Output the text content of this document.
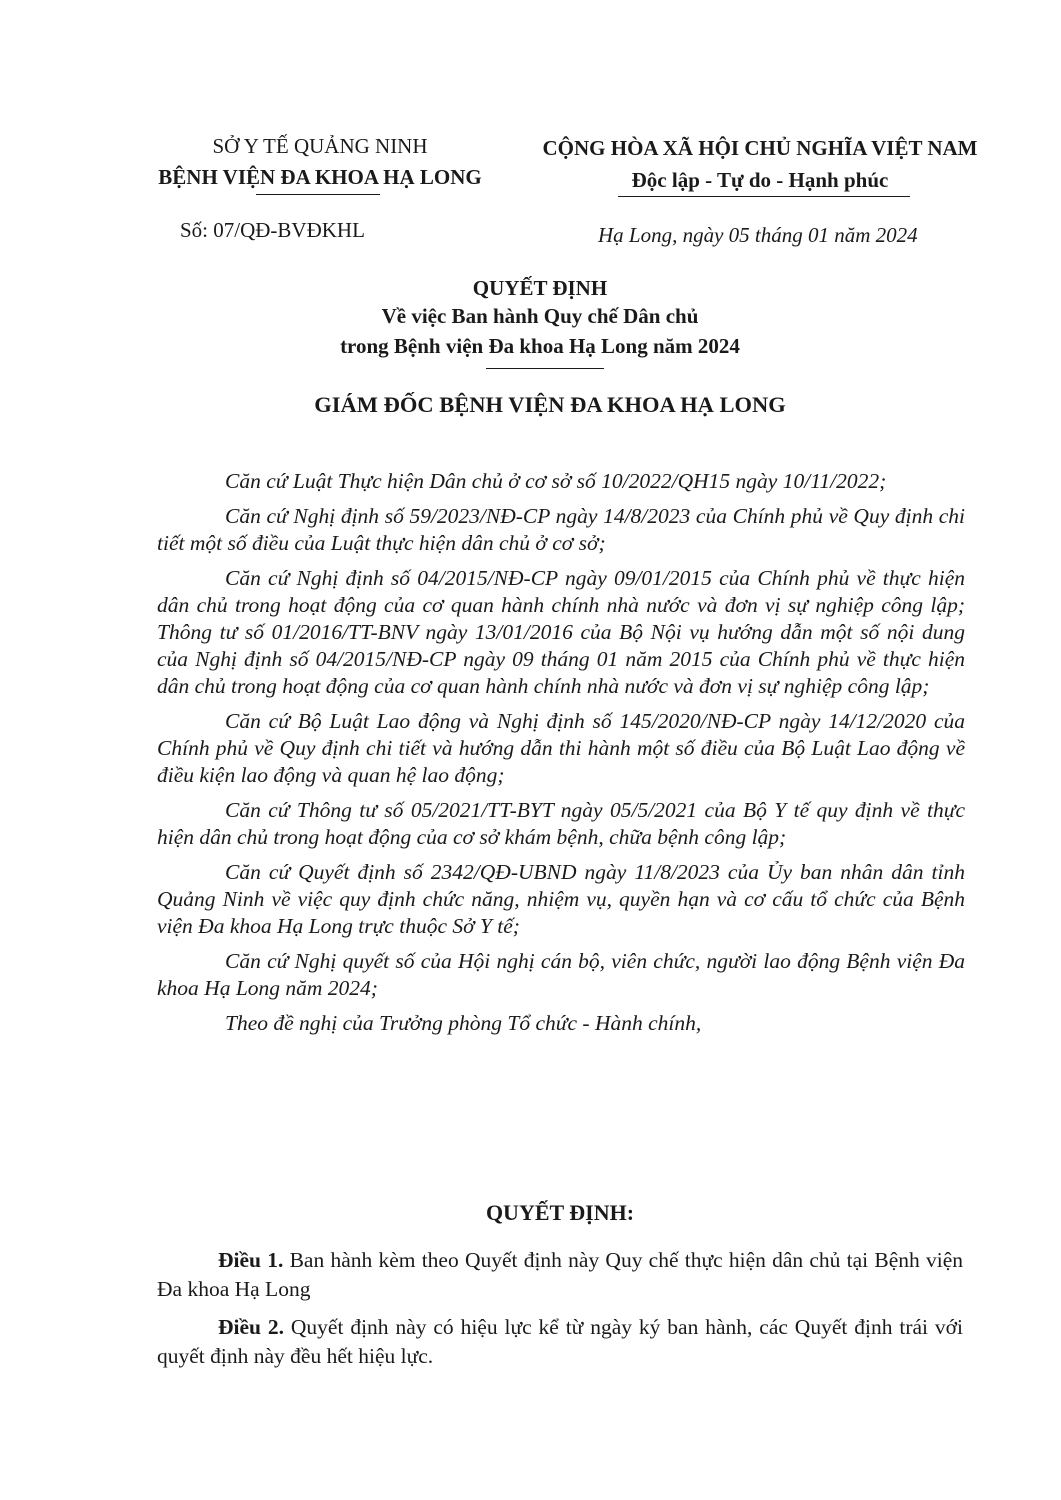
SỞ Y TẾ QUẢNG NINH
BỆNH VIỆN ĐA KHOA HẠ LONG
CỘNG HÒA XÃ HỘI CHỦ NGHĨA VIỆT NAM
Độc lập - Tự do - Hạnh phúc
Số: 07/QĐ-BVĐKHL	Hạ Long, ngày 05 tháng 01 năm 2024
QUYẾT ĐỊNH
Về việc Ban hành Quy chế Dân chủ
trong Bệnh viện Đa khoa Hạ Long năm 2024
GIÁM ĐỐC BỆNH VIỆN ĐA KHOA HẠ LONG

Căn cứ Luật Thực hiện Dân chủ ở cơ sở số 10/2022/QH15 ngày 10/11/2022;

Căn cứ Nghị định số 59/2023/NĐ-CP ngày 14/8/2023 của Chính phủ về Quy định chi tiết một số điều của Luật thực hiện dân chủ ở cơ sở;

Căn cứ Nghị định số 04/2015/NĐ-CP ngày 09/01/2015 của Chính phủ về thực hiện dân chủ trong hoạt động của cơ quan hành chính nhà nước và đơn vị sự nghiệp công lập; Thông tư số 01/2016/TT-BNV ngày 13/01/2016 của Bộ Nội vụ hướng dẫn một số nội dung của Nghị định số 04/2015/NĐ-CP ngày 09 tháng 01 năm 2015 của Chính phủ về thực hiện dân chủ trong hoạt động của cơ quan hành chính nhà nước và đơn vị sự nghiệp công lập;

Căn cứ Bộ Luật Lao động và Nghị định số 145/2020/NĐ-CP ngày 14/12/2020 của Chính phủ về Quy định chi tiết và hướng dẫn thi hành một số điều của Bộ Luật Lao động về điều kiện lao động và quan hệ lao động;

Căn cứ Thông tư số 05/2021/TT-BYT ngày 05/5/2021 của Bộ Y tế quy định về thực hiện dân chủ trong hoạt động của cơ sở khám bệnh, chữa bệnh công lập;

Căn cứ Quyết định số 2342/QĐ-UBND ngày 11/8/2023 của Ủy ban nhân dân tỉnh Quảng Ninh về việc quy định chức năng, nhiệm vụ, quyền hạn và cơ cấu tổ chức của Bệnh viện Đa khoa Hạ Long trực thuộc Sở Y tế;

Căn cứ Nghị quyết số của Hội nghị cán bộ, viên chức, người lao động Bệnh viện Đa khoa Hạ Long năm 2024;

Theo đề nghị của Trưởng phòng Tổ chức - Hành chính,

QUYẾT ĐỊNH:

Điều 1. Ban hành kèm theo Quyết định này Quy chế thực hiện dân chủ tại Bệnh viện Đa khoa Hạ Long

Điều 2. Quyết định này có hiệu lực kể từ ngày ký ban hành, các Quyết định trái với quyết định này đều hết hiệu lực.
